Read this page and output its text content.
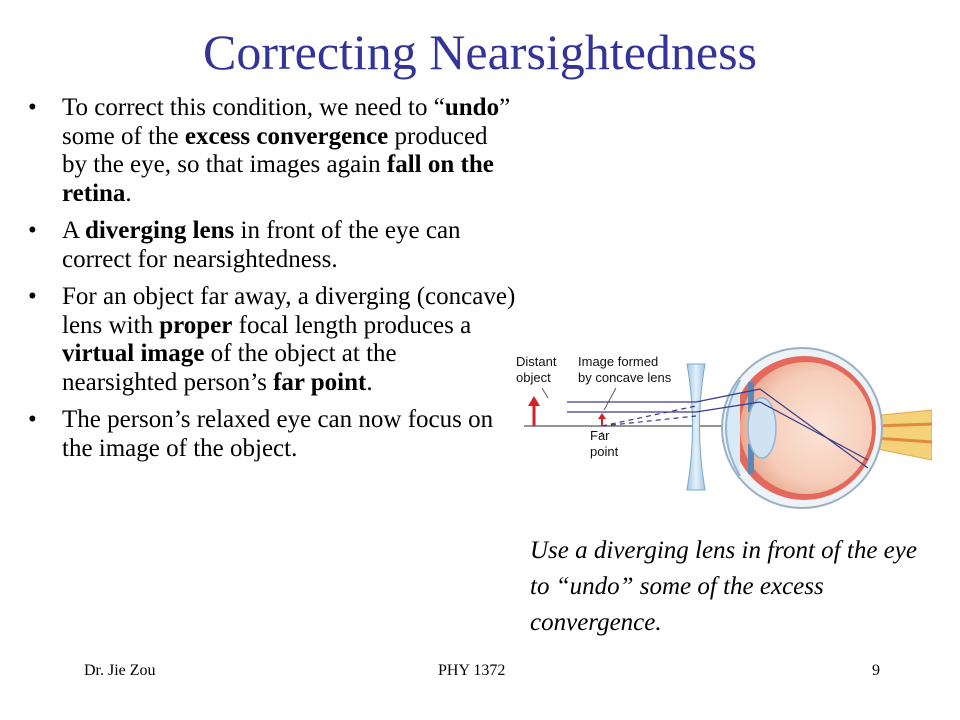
Correcting Nearsightedness
• To correct this condition, we need to “undo” some of the excess convergence produced by the eye, so that images again fall on the retina.
• A diverging lens in front of the eye can correct for nearsightedness.
• For an object far away, a diverging (concave) lens with proper focal length produces a virtual image of the object at the nearsighted person’s far point.
• The person’s relaxed eye can now focus on the image of the object.
Distant
object
Image formed
by concave lens
Far
point
Use a diverging lens in front of the eye to “undo” some of the excess convergence.
Dr. Jie Zou	PHY 1372	9
